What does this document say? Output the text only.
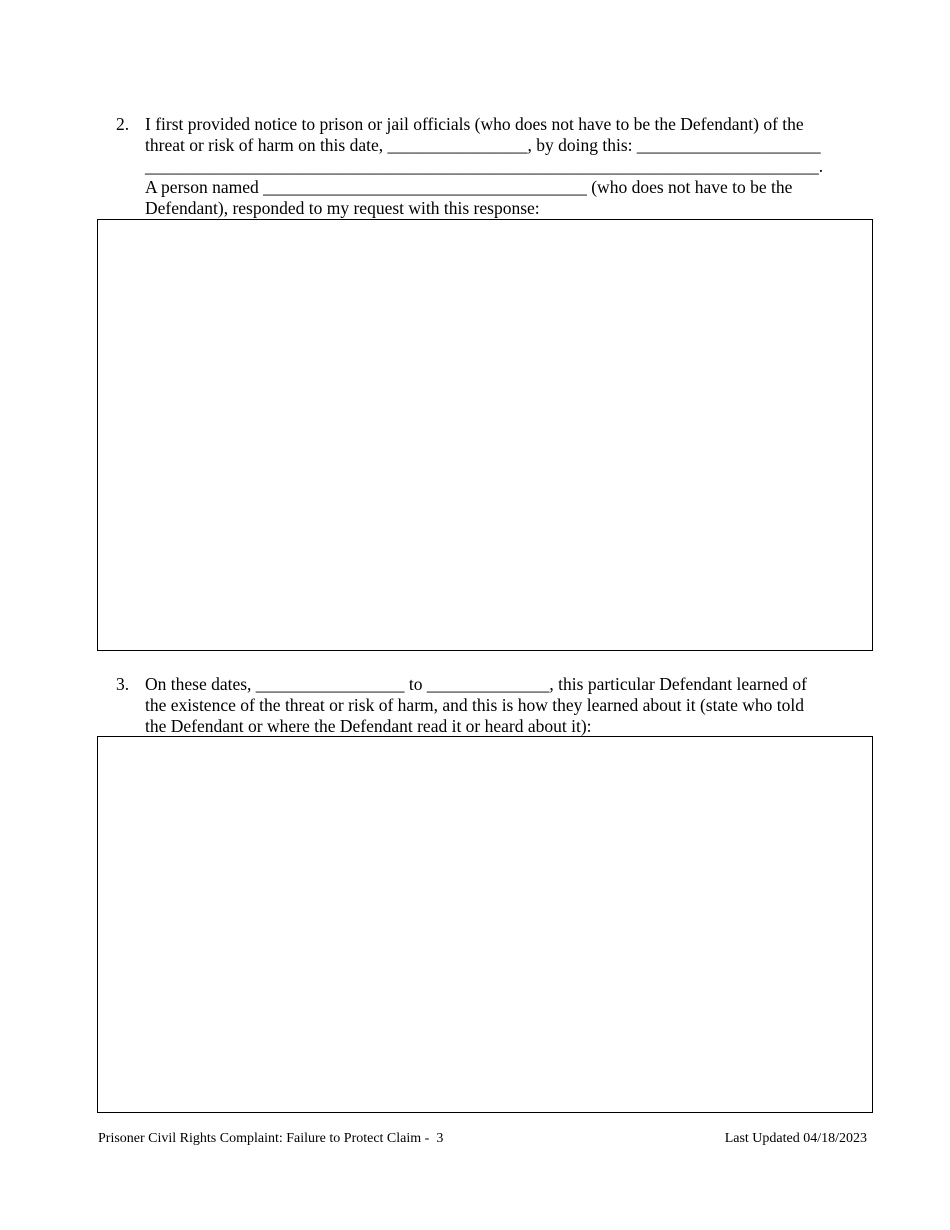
2. I first provided notice to prison or jail officials (who does not have to be the Defendant) of the
threat or risk of harm on this date, ________________, by doing this: _____________________
_____________________________________________________________________________.
A person named _____________________________________ (who does not have to be the
Defendant), responded to my request with this response:
3. On these dates, _________________ to ______________, this particular Defendant learned of
the existence of the threat or risk of harm, and this is how they learned about it (state who told
the Defendant or where the Defendant read it or heard about it):
Prisoner Civil Rights Complaint: Failure to Protect Claim -  3	Last Updated 04/18/2023
